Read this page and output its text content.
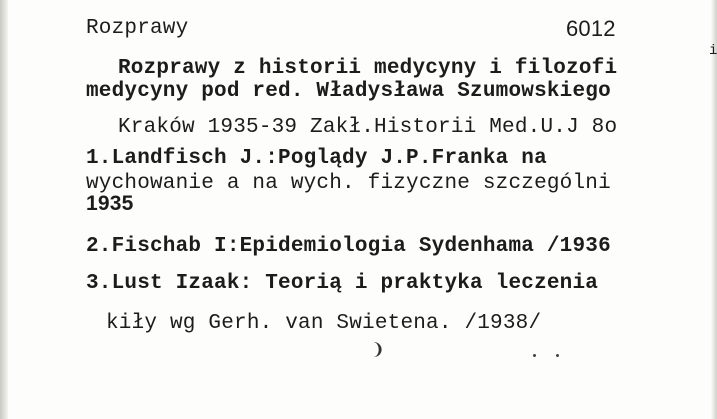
Rozprawy	6012
Rozprawy z historii medycyny i filozofi
i
medycyny pod red. Władysława Szumowskiego
Kraków 1935-39 Zakł.Historii Med.U.J 8o
1.Landfisch J.:Poglądy J.P.Franka na
wychowanie a na wych. fizyczne szczególni
1935
2.Fischab I:Epidemiologia Sydenhama /1936
3.Lust Izaak: Teorią i praktyka leczenia
kiły wg Gerh. van Swietena. /1938/
❩
